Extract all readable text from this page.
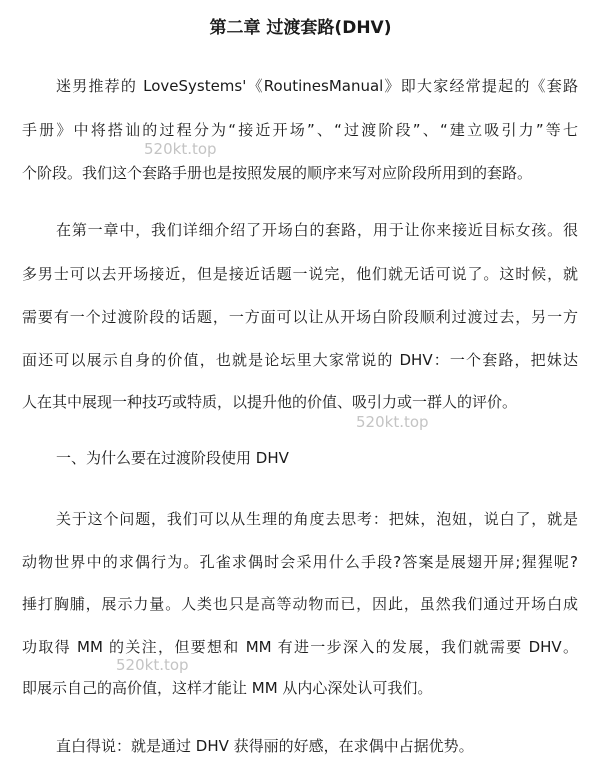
第二章 过渡套路(DHV)

迷男推荐的 LoveSystems'《RoutinesManual》即大家经常提起的《套路

手册》中将搭讪的过程分为“接近开场”、“过渡阶段”、“建立吸引力”等七

个阶段。我们这个套路手册也是按照发展的顺序来写对应阶段所用到的套路。

在第一章中，我们详细介绍了开场白的套路，用于让你来接近目标女孩。很

多男士可以去开场接近，但是接近话题一说完，他们就无话可说了。这时候，就

需要有一个过渡阶段的话题，一方面可以让从开场白阶段顺利过渡过去，另一方

面还可以展示自身的价值，也就是论坛里大家常说的 DHV：一个套路，把妹达

人在其中展现一种技巧或特质，以提升他的价值、吸引力或一群人的评价。

一、为什么要在过渡阶段使用 DHV

关于这个问题，我们可以从生理的角度去思考：把妹，泡妞，说白了，就是

动物世界中的求偶行为。孔雀求偶时会采用什么手段?答案是展翅开屏;猩猩呢?

捶打胸脯，展示力量。人类也只是高等动物而已，因此，虽然我们通过开场白成

功取得 MM 的关注，但要想和 MM 有进一步深入的发展，我们就需要 DHV。

即展示自己的高价值，这样才能让 MM 从内心深处认可我们。

直白得说：就是通过 DHV 获得丽的好感，在求偶中占据优势。

520kt.top
520kt.top
520kt.top
